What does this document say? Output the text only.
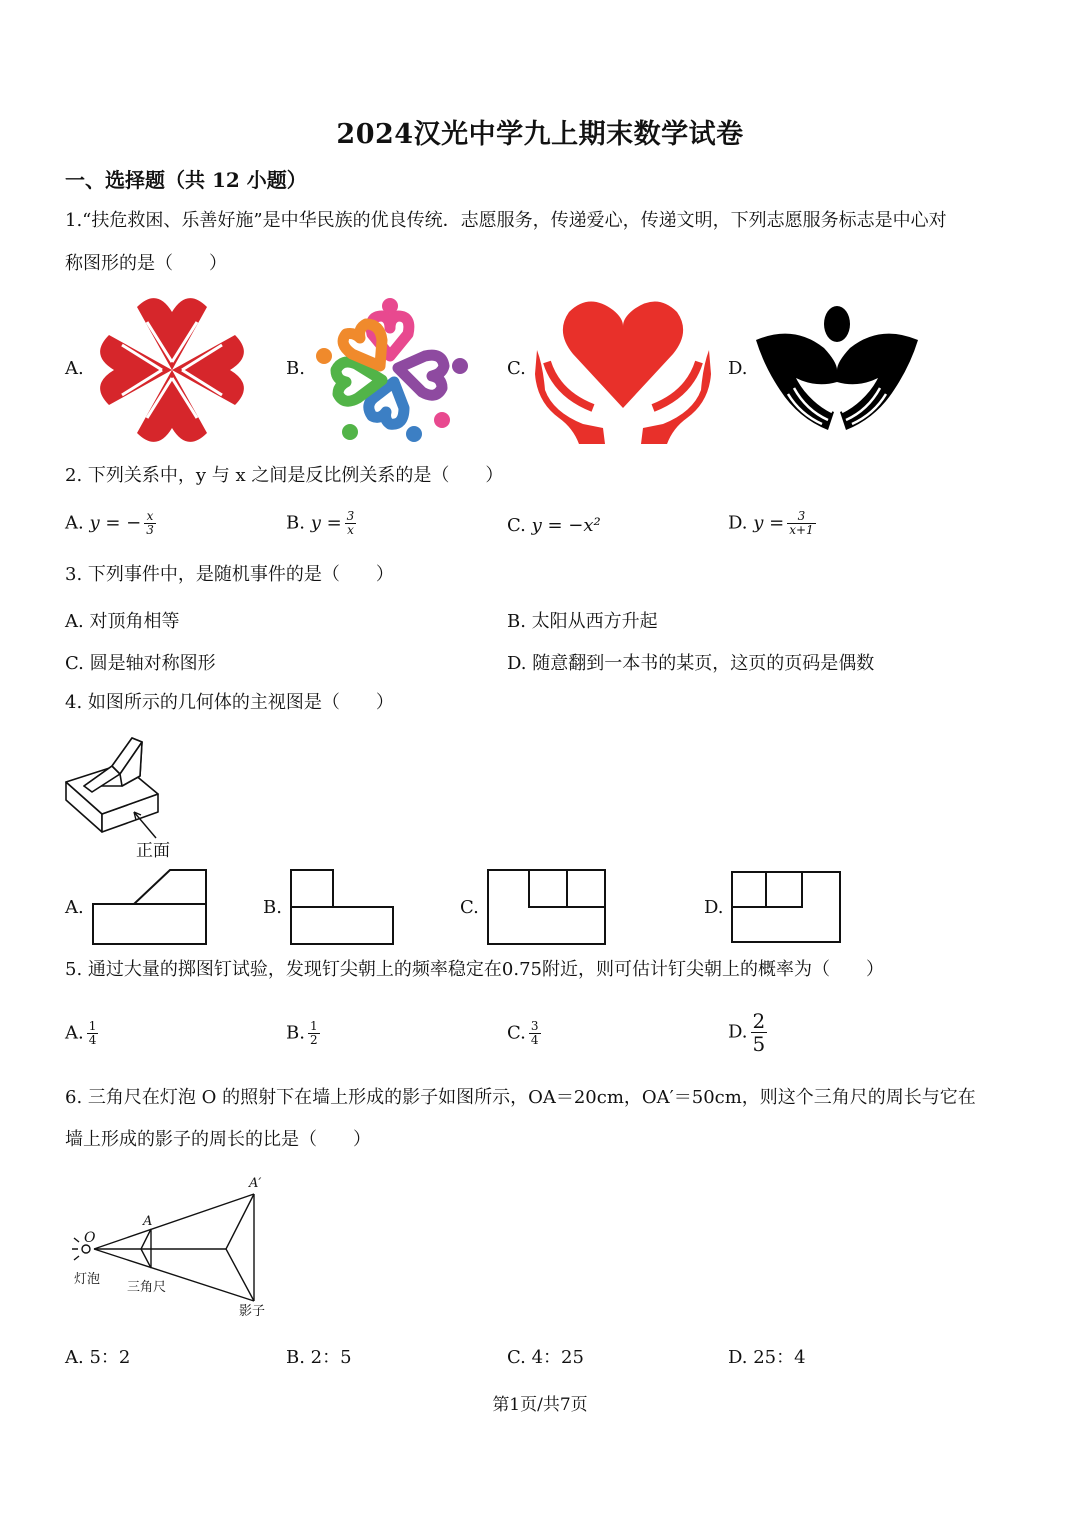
2024汉光中学九上期末数学试卷
一、选择题（共 12 小题）
1.“扶危救困、乐善好施”是中华民族的优良传统．志愿服务，传递爱心，传递文明，下列志愿服务标志是中心对
称图形的是（　　）
A.	B.	C.	D.
2. 下列关系中，y 与 x 之间是反比例关系的是（　　）
A. y = − $\frac{x}{3}$	B. $y = \frac{3}{x}$	C. y = −x²	D. $y = \frac{3}{x+1}$
3. 下列事件中，是随机事件的是（　　）
A. 对顶角相等	B. 太阳从西方升起
C. 圆是轴对称图形	D. 随意翻到一本书的某页，这页的页码是偶数
4. 如图所示的几何体的主视图是（　　）
正面
A.	B.	C.	D.
5. 通过大量的掷图钉试验，发现钉尖朝上的频率稳定在0.75附近，则可估计钉尖朝上的概率为（　　）
A. $\frac{1}{4}$	B. $\frac{1}{2}$	C. $\frac{3}{4}$	D. $\frac{2}{5}$
6. 三角尺在灯泡 O 的照射下在墙上形成的影子如图所示，OA＝20cm，OA′＝50cm，则这个三角尺的周长与它在
墙上形成的影子的周长的比是（　　）
O
A
A′
灯泡
三角尺
影子
A. 5：2	B. 2：5	C. 4：25	D. 25：4
第1页/共7页
